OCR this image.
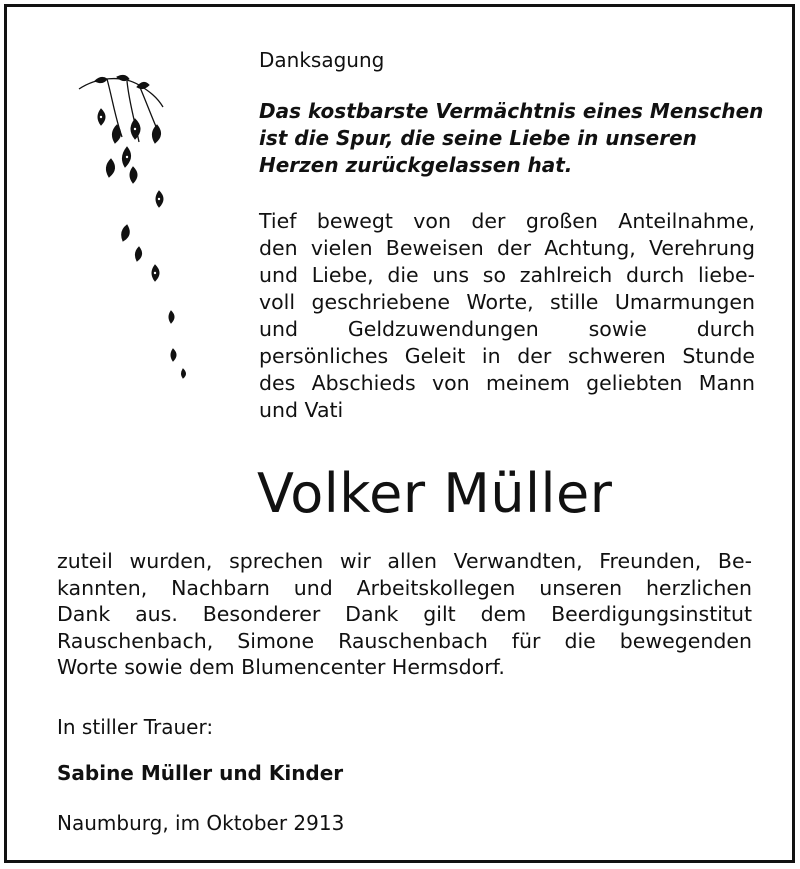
Danksagung
Das kostbarste Vermächtnis eines Menschen
ist die Spur, die seine Liebe in unseren
Herzen zurückgelassen hat.
Tief bewegt von der großen Anteilnahme,
den vielen Beweisen der Achtung, Verehrung
und Liebe, die uns so zahlreich durch liebe-
voll geschriebene Worte, stille Umarmungen
und Geldzuwendungen sowie durch
persönliches Geleit in der schweren Stunde
des Abschieds von meinem geliebten Mann
und Vati
Volker Müller
zuteil wurden, sprechen wir allen Verwandten, Freunden, Be-
kannten, Nachbarn und Arbeitskollegen unseren herzlichen
Dank aus. Besonderer Dank gilt dem Beerdigungsinstitut
Rauschenbach, Simone Rauschenbach für die bewegenden
Worte sowie dem Blumencenter Hermsdorf.
In stiller Trauer:
Sabine Müller und Kinder
Naumburg, im Oktober 2913
